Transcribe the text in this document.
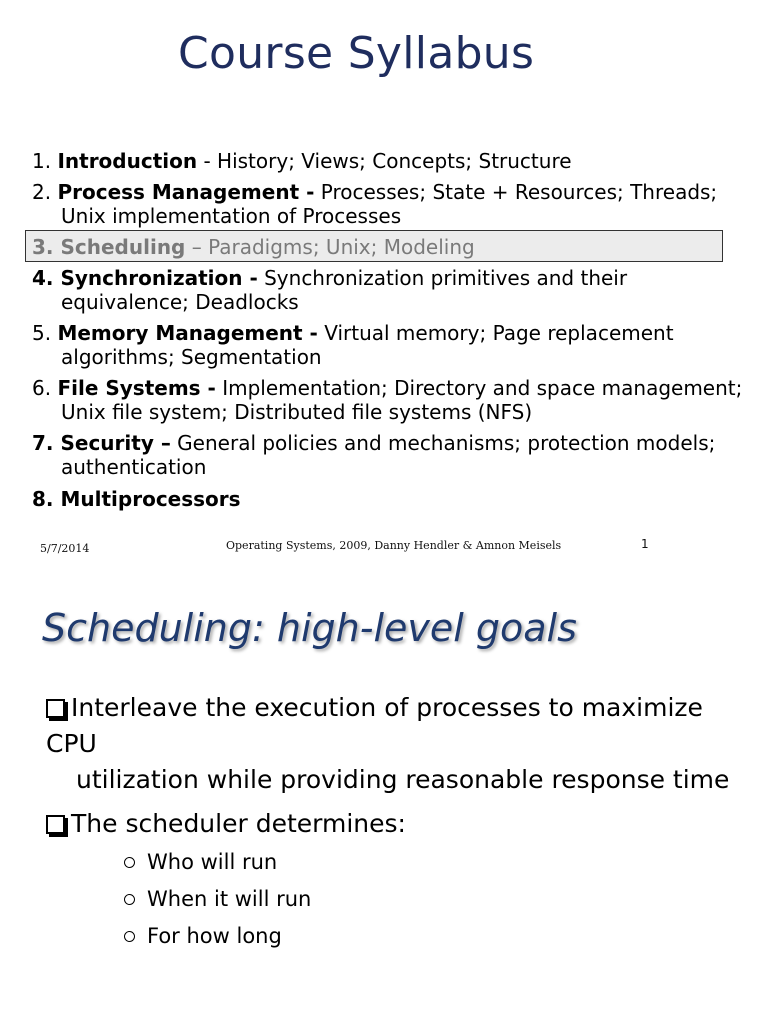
Course Syllabus
1. Introduction - History; Views; Concepts; Structure
2. Process Management - Processes; State + Resources; Threads;
Unix implementation of Processes
3. Scheduling – Paradigms; Unix; Modeling
4. Synchronization - Synchronization primitives and their
equivalence; Deadlocks
5. Memory Management - Virtual memory; Page replacement
algorithms; Segmentation
6. File Systems - Implementation; Directory and space management;
Unix file system; Distributed file systems (NFS)
7. Security – General policies and mechanisms; protection models;
authentication
8. Multiprocessors
5/7/2014	Operating Systems, 2009, Danny Hendler & Amnon Meisels	1
Scheduling: high-level goals
Interleave the execution of processes to maximize CPU
utilization while providing reasonable response time
The scheduler determines:
Who will run
When it will run
For how long
